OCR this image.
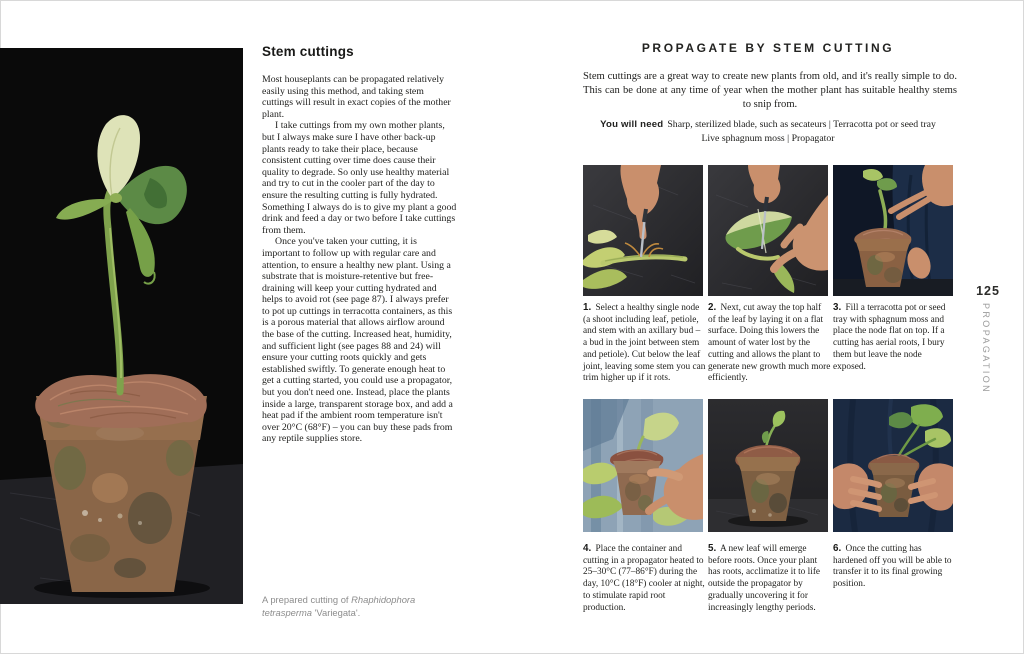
Stem cuttings

Most houseplants can be propagated relatively easily using this method, and taking stem cuttings will result in exact copies of the mother plant.

I take cuttings from my own mother plants, but I always make sure I have other back-up plants ready to take their place, because consistent cutting over time does cause their quality to degrade. So only use healthy material and try to cut in the cooler part of the day to ensure the resulting cutting is fully hydrated. Something I always do is to give my plant a good drink and feed a day or two before I take cuttings from them.

Once you've taken your cutting, it is important to follow up with regular care and attention, to ensure a healthy new plant. Using a substrate that is moisture-retentive but free-draining will keep your cutting hydrated and helps to avoid rot (see page 87). I always prefer to pot up cuttings in terracotta containers, as this is a porous material that allows airflow around the base of the cutting. Increased heat, humidity, and sufficient light (see pages 88 and 24) will ensure your cutting roots quickly and gets established swiftly. To generate enough heat to get a cutting started, you could use a propagator, but you don't need one. Instead, place the plants inside a large, transparent storage box, and add a heat pad if the ambient room temperature isn't over 20°C (68°F) – you can buy these pads from any reptile supplies store.

A prepared cutting of Rhaphidophora tetrasperma 'Variegata'.

PROPAGATE BY STEM CUTTING

Stem cuttings are a great way to create new plants from old, and it's really simple to do. This can be done at any time of year when the mother plant has suitable healthy stems to snip from.

You will need Sharp, sterilized blade, such as secateurs | Terracotta pot or seed tray
Live sphagnum moss | Propagator

1. Select a healthy single node (a shoot including leaf, petiole, and stem with an axillary bud – a bud in the joint between stem and petiole). Cut below the leaf joint, leaving some stem you can trim higher up if it rots.

2. Next, cut away the top half of the leaf by laying it on a flat surface. Doing this lowers the amount of water lost by the cutting and allows the plant to generate new growth much more efficiently.

3. Fill a terracotta pot or seed tray with sphagnum moss and place the node flat on top. If a cutting has aerial roots, I bury them but leave the node exposed.

4. Place the container and cutting in a propagator heated to 25–30°C (77–86°F) during the day, 10°C (18°F) cooler at night, to stimulate rapid root production.

5. A new leaf will emerge before roots. Once your plant has roots, acclimatize it to life outside the propagator by gradually uncovering it for increasingly lengthy periods.

6. Once the cutting has hardened off you will be able to transfer it to its final growing position.

125
PROPAGATION
